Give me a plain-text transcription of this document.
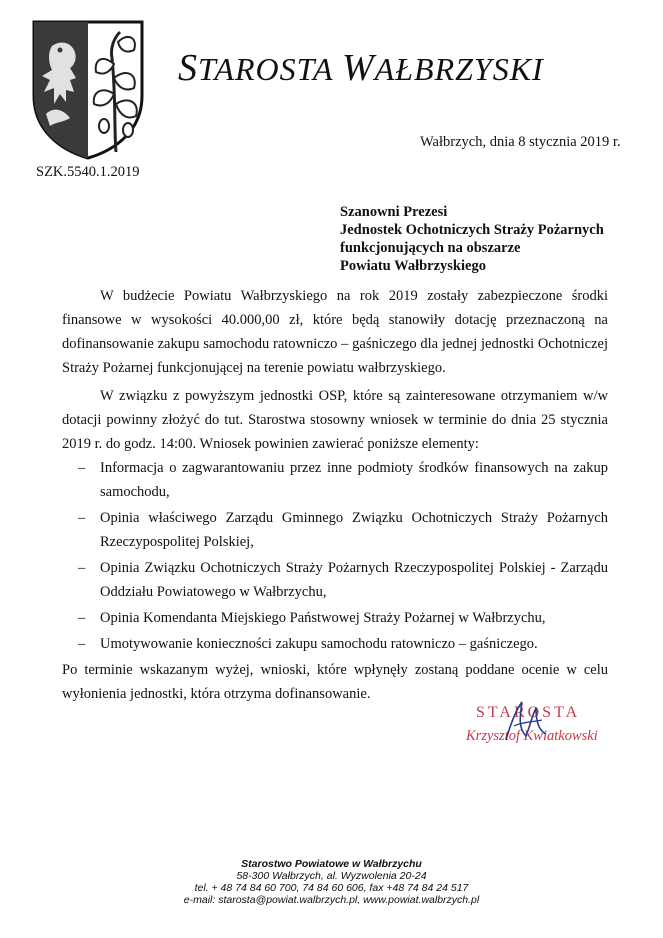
STAROSTA WAŁBRZYSKI
Wałbrzych, dnia 8 stycznia 2019 r.
SZK.5540.1.2019
Szanowni Prezesi
Jednostek Ochotniczych Straży Pożarnych
funkcjonujących na obszarze
Powiatu Wałbrzyskiego

W budżecie Powiatu Wałbrzyskiego na rok 2019 zostały zabezpieczone środki finansowe w wysokości 40.000,00 zł, które będą stanowiły dotację przeznaczoną na dofinansowanie zakupu samochodu ratowniczo – gaśniczego dla jednej jednostki Ochotniczej Straży Pożarnej funkcjonującej na terenie powiatu wałbrzyskiego.

W związku z powyższym jednostki OSP, które są zainteresowane otrzymaniem w/w dotacji powinny złożyć do tut. Starostwa stosowny wniosek w terminie do dnia 25 stycznia 2019 r. do godz. 14:00. Wniosek powinien zawierać poniższe elementy:

– Informacja o zagwarantowaniu przez inne podmioty środków finansowych na zakup samochodu,
– Opinia właściwego Zarządu Gminnego Związku Ochotniczych Straży Pożarnych Rzeczypospolitej Polskiej,
– Opinia Związku Ochotniczych Straży Pożarnych Rzeczypospolitej Polskiej - Zarządu Oddziału Powiatowego w Wałbrzychu,
– Opinia Komendanta Miejskiego Państwowej Straży Pożarnej w Wałbrzychu,
– Umotywowanie konieczności zakupu samochodu ratowniczo – gaśniczego.

Po terminie wskazanym wyżej, wnioski, które wpłynęły zostaną poddane ocenie w celu wyłonienia jednostki, która otrzyma dofinansowanie.

STAROSTA
Krzysztof Kwiatkowski
Starostwo Powiatowe w Wałbrzychu
58-300 Wałbrzych, al. Wyzwolenia 20-24
tel. + 48 74 84 60 700, 74 84 60 606, fax +48 74 84 24 517
e-mail: starosta@powiat.walbrzych.pl, www.powiat.walbrzych.pl
